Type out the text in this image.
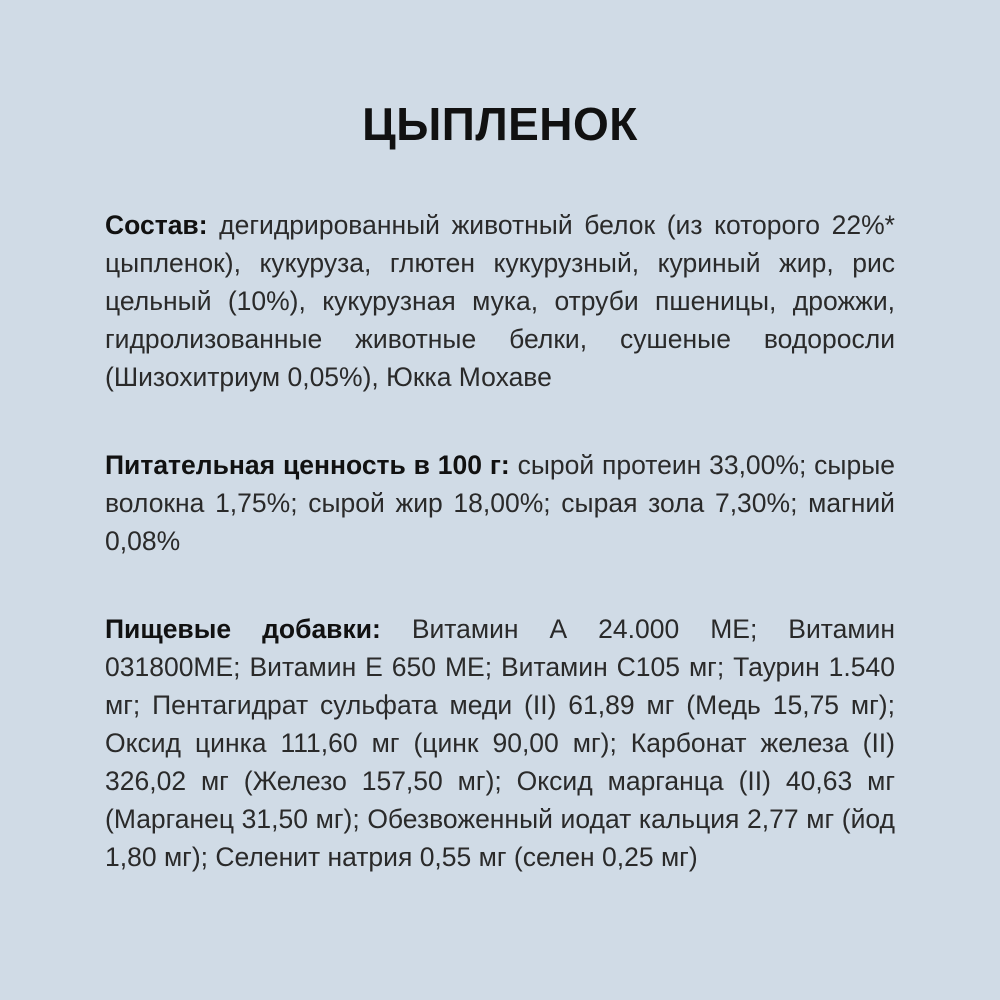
ЦЫПЛЕНОК

Состав: дегидрированный животный белок (из которого 22%* цыпленок), кукуруза, глютен кукурузный, куриный жир, рис цельный (10%), кукурузная мука, отруби пшеницы, дрожжи, гидролизованные животные белки, сушеные водоросли (Шизохитриум 0,05%), Юкка Мохаве

Питательная ценность в 100 г: сырой протеин 33,00%; сырые волокна 1,75%; сырой жир 18,00%; сырая зола 7,30%; магний 0,08%

Пищевые добавки: Витамин А 24.000 МЕ; Витамин 031800МЕ; Витамин Е 650 МЕ; Витамин С105 мг; Таурин 1.540 мг; Пентагидрат сульфата меди (II) 61,89 мг (Медь 15,75 мг); Оксид цинка 111,60 мг (цинк 90,00 мг); Карбонат железа (II) 326,02 мг (Железо 157,50 мг); Оксид марганца (II) 40,63 мг (Марганец 31,50 мг); Обезвоженный иодат кальция 2,77 мг (йод 1,80 мг); Селенит натрия 0,55 мг (селен 0,25 мг)
